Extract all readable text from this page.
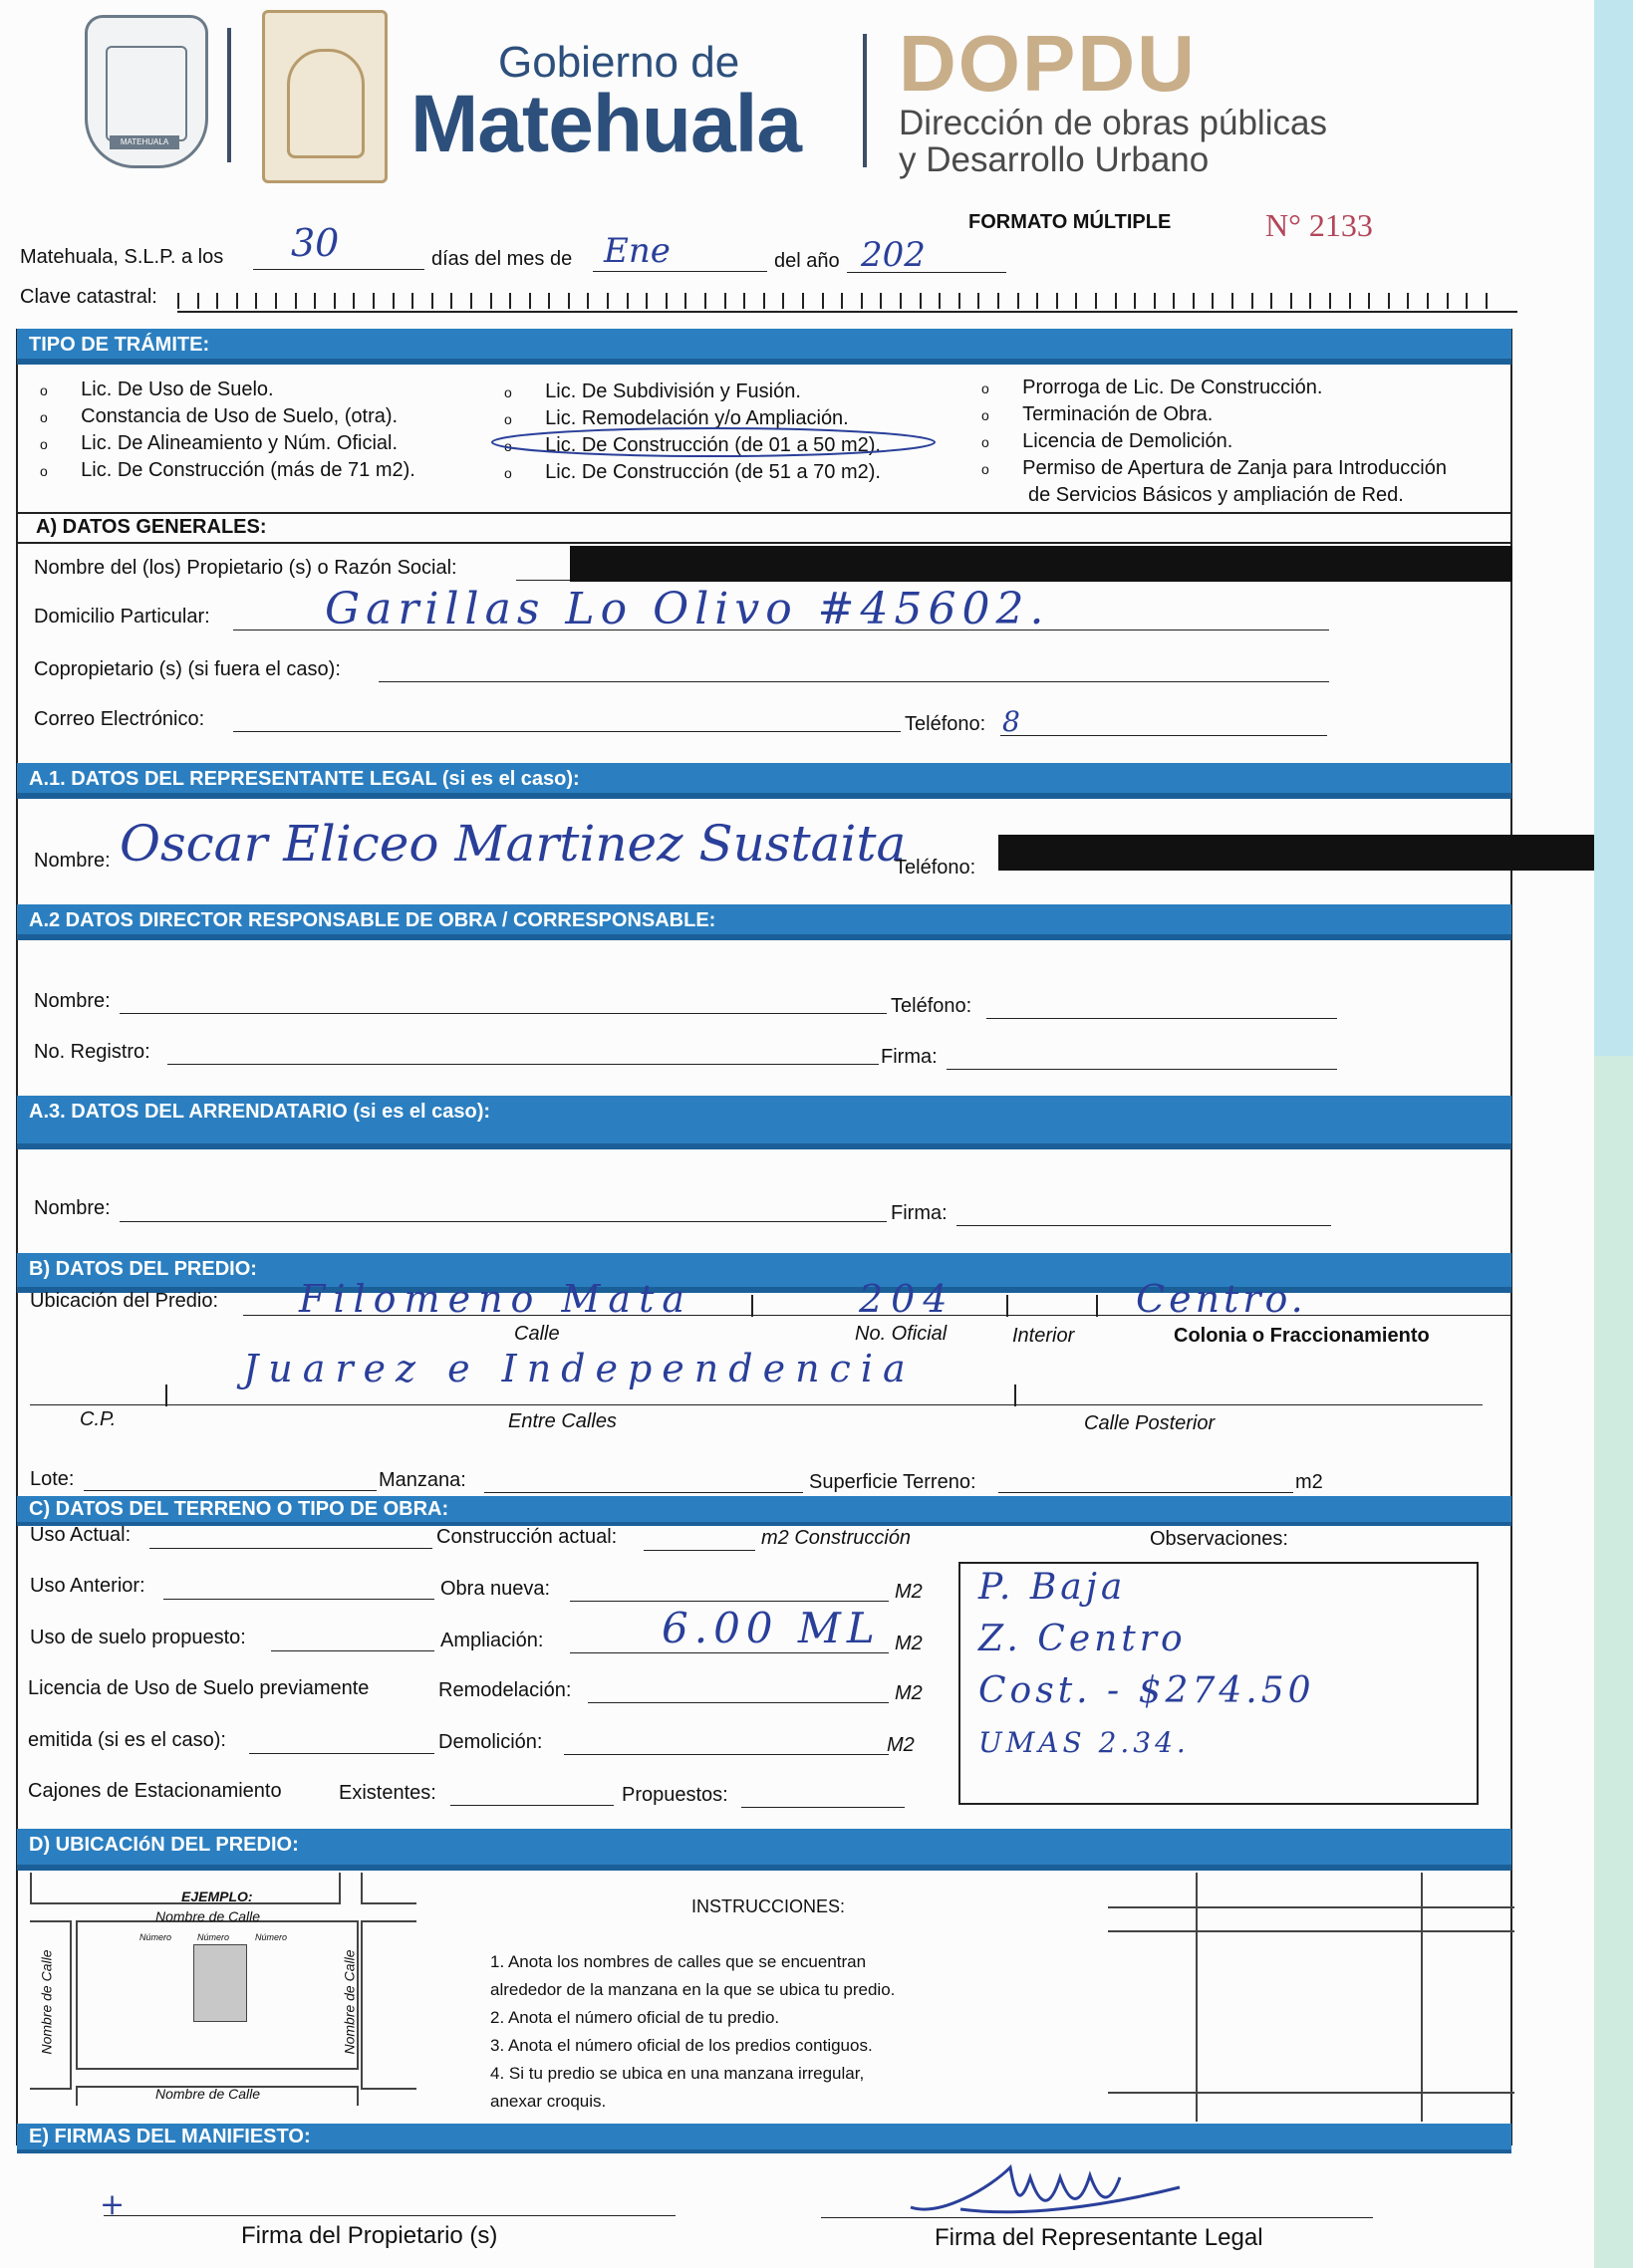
MATEHUALA
Gobierno de
Matehuala
DOPDU
Dirección de obras públicas
y Desarrollo Urbano
FORMATO MÚLTIPLE	N° 2133
Matehuala, S.L.P. a los 30	días del mes de Ene	del año 202
Clave catastral:
TIPO DE TRÁMITE:
o Lic. De Uso de Suelo.
o Constancia de Uso de Suelo, (otra).
o Lic. De Alineamiento y Núm. Oficial.
o Lic. De Construcción (más de 71 m2).
o Lic. De Subdivisión y Fusión.
o Lic. Remodelación y/o Ampliación.
o Lic. De Construcción (de 01 a 50 m2).
o Lic. De Construcción (de 51 a 70 m2).
o Prorroga de Lic. De Construcción.
o Terminación de Obra.
o Licencia de Demolición.
o Permiso de Apertura de Zanja para Introducción
de Servicios Básicos y ampliación de Red.
A) DATOS GENERALES:
Nombre del (los) Propietario (s) o Razón Social:
Domicilio Particular:	Garillas Lo Olivo #45602.
Copropietario (s) (si fuera el caso):
Correo Electrónico:	Teléfono: 8
A.1. DATOS DEL REPRESENTANTE LEGAL (si es el caso):
Nombre: Oscar Eliceo Martinez Sustaita
Teléfono:
A.2 DATOS DIRECTOR RESPONSABLE DE OBRA / CORRESPONSABLE:
Nombre:	Teléfono:
No. Registro:	Firma:
A.3. DATOS DEL ARRENDATARIO (si es el caso):
Nombre:	Firma:
B) DATOS DEL PREDIO:
Ubicación del Predio: Filomeno Mata	204	Centro.
Calle	No. Oficial	Interior	Colonia o Fraccionamiento
Juarez e Independencia
C.P.	Entre Calles	Calle Posterior
Lote:	Manzana:	Superficie Terreno:	m2
C) DATOS DEL TERRENO O TIPO DE OBRA:
Uso Actual:	Construcción actual:	m2 Construcción	Observaciones:
Uso Anterior:	Obra nueva:	M2
Uso de suelo propuesto:	Ampliación:	6.00 ML M2
Licencia de Uso de Suelo previamente	Remodelación:	M2
emitida (si es el caso):	Demolición:	M2
Cajones de Estacionamiento	Existentes:	Propuestos:
P. Baja
Z. Centro
Cost. - $274.50
UMAS 2.34.
D) UBICACIóN DEL PREDIO:
EJEMPLO:
Nombre de Calle
Número	Número	Número
Nombre de Calle	Nombre de Calle
Nombre de Calle
INSTRUCCIONES:
1. Anota los nombres de calles que se encuentran
alrededor de la manzana en la que se ubica tu predio.
2. Anota el número oficial de tu predio.
3. Anota el número oficial de los predios contiguos.
4. Si tu predio se ubica en una manzana irregular,
anexar croquis.
E) FIRMAS DEL MANIFIESTO:
+
Firma del Propietario (s)	Firma del Representante Legal
